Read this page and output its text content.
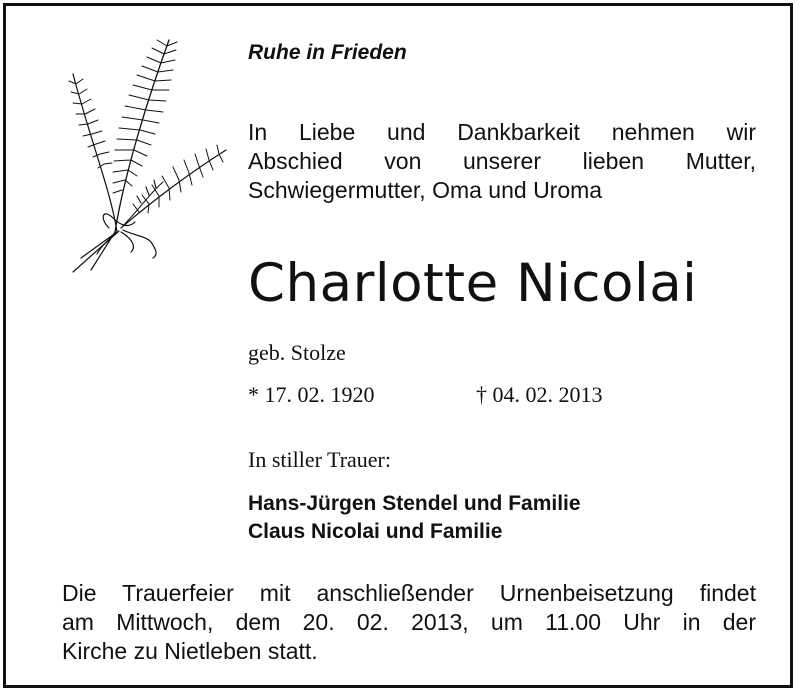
Ruhe in Frieden
In Liebe und Dankbarkeit nehmen wir
Abschied von unserer lieben Mutter,
Schwiegermutter, Oma und Uroma
Charlotte Nicolai
geb. Stolze
* 17. 02. 1920	† 04. 02. 2013
In stiller Trauer:
Hans-Jürgen Stendel und Familie
Claus Nicolai und Familie
Die Trauerfeier mit anschließender Urnenbeisetzung findet
am Mittwoch, dem 20. 02. 2013, um 11.00 Uhr in der
Kirche zu Nietleben statt.
